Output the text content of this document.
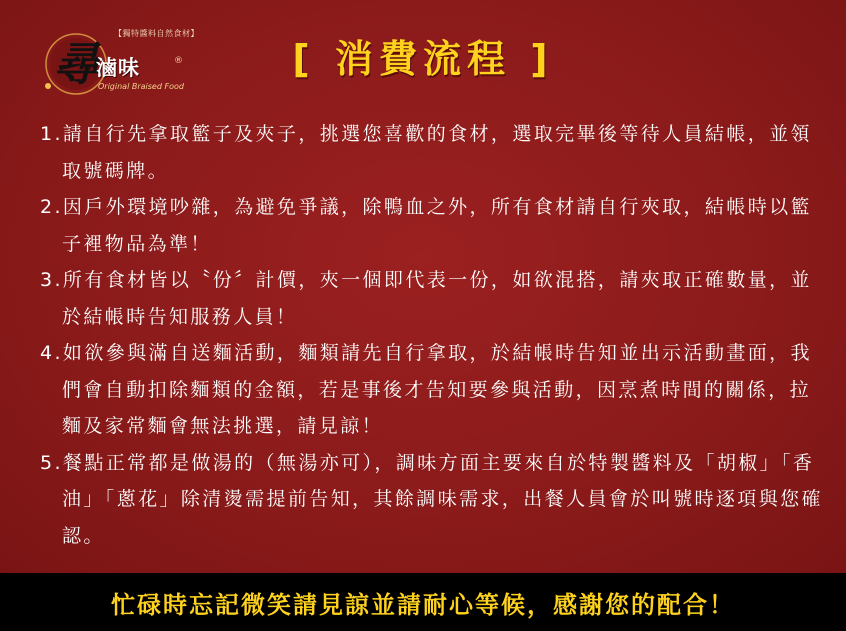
尋
【獨特醬料自然食材】
滷味	®
Original Braised Food
[ 消費流程 ]
1.請自行先拿取籃子及夾子，挑選您喜歡的食材，選取完畢後等待人員結帳，並領取號碼牌。
2.因戶外環境吵雜，為避免爭議，除鴨血之外，所有食材請自行夾取，結帳時以籃子裡物品為準！
3.所有食材皆以〝份〞計價，夾一個即代表一份，如欲混搭，請夾取正確數量，並於結帳時告知服務人員！
4.如欲參與滿自送麵活動，麵類請先自行拿取，於結帳時告知並出示活動畫面，我們會自動扣除麵類的金額，若是事後才告知要參與活動，因烹煮時間的關係，拉麵及家常麵會無法挑選，請見諒！
5.餐點正常都是做湯的（無湯亦可），調味方面主要來自於特製醬料及「胡椒」「香油」「蔥花」除清燙需提前告知，其餘調味需求，出餐人員會於叫號時逐項與您確認。
忙碌時忘記微笑請見諒並請耐心等候，感謝您的配合！
